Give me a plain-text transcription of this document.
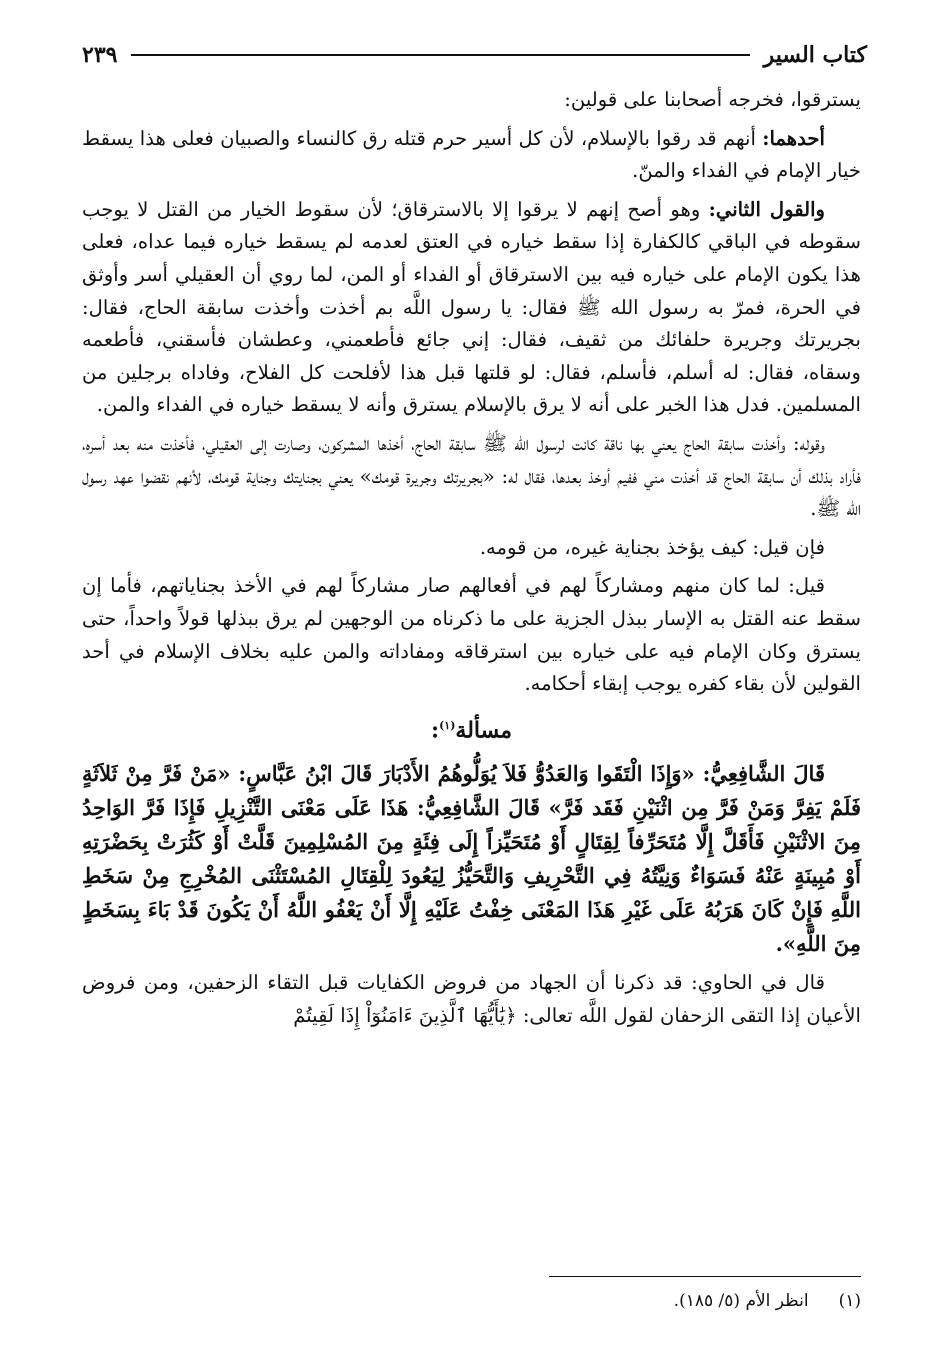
كتاب السير
٢٣٩

يسترقوا، فخرجه أصحابنا على قولين:

أحدهما: أنهم قد رقوا بالإسلام، لأن كل أسير حرم قتله رق كالنساء والصبيان فعلى هذا يسقط خيار الإمام في الفداء والمنّ.

والقول الثاني: وهو أصح إنهم لا يرقوا إلا بالاسترقاق؛ لأن سقوط الخيار من القتل لا يوجب سقوطه في الباقي كالكفارة إذا سقط خياره في العتق لعدمه لم يسقط خياره فيما عداه، فعلى هذا يكون الإمام على خياره فيه بين الاسترقاق أو الفداء أو المن، لما روي أن العقيلي أسر وأوثق في الحرة، فمرّ به رسول الله ﷺ فقال: يا رسول اللَّه بم أخذت وأخذت سابقة الحاج، فقال: بجريرتك وجريرة حلفائك من ثقيف، فقال: إني جائع فأطعمني، وعطشان فأسقني، فأطعمه وسقاه، فقال: له أسلم، فأسلم، فقال: لو قلتها قبل هذا لأفلحت كل الفلاح، وفاداه برجلين من المسلمين. فدل هذا الخبر على أنه لا يرق بالإسلام يسترق وأنه لا يسقط خياره في الفداء والمن.

وقوله: وأخذت سابقة الحاج يعني بها ناقة كانت لرسول الله ﷺ سابقة الحاج، أخذها المشركون، وصارت إلى العقيلي، فأخذت منه بعد أسره، فأراد بذلك أن سابقة الحاج قد أخذت مني ففيم أوخذ بعدها، فقال له: «بجريرتك وجريرة قومك» يعني بجنايتك وجناية قومك، لأنهم نقضوا عهد رسول الله ﷺ.

فإن قيل: كيف يؤخذ بجناية غيره، من قومه.

قيل: لما كان منهم ومشاركاً لهم في أفعالهم صار مشاركاً لهم في الأخذ بجناياتهم، فأما إن سقط عنه القتل به الإسار ببذل الجزية على ما ذكرناه من الوجهين لم يرق ببذلها قولاً واحداً، حتى يسترق وكان الإمام فيه على خياره بين استرقاقه ومفاداته والمن عليه بخلاف الإسلام في أحد القولين لأن بقاء كفره يوجب إبقاء أحكامه.

مسألة$^{(١)}$:

قَالَ الشَّافِعِيُّ: «وَإِذَا الْتَقَوا وَالعَدُوُّ فَلاَ يُوَلُّوهُمُ الأَدْبَارَ قَالَ ابْنُ عَبَّاسٍ: «مَنْ فَرَّ مِنْ ثَلاَثَةٍ فَلَمْ يَفِرَّ وَمَنْ فَرَّ مِن اثْنَيْنِ فَقَد فَرَّ» قَالَ الشَّافِعِيُّ: هَذَا عَلَى مَعْنَى التَّنْزِيلِ فَإِذَا فَرَّ الوَاحِدُ مِنَ الاثْنَيْنِ فَأَقَلَّ إِلَّا مُتَحَرِّفاً لِقِتَالٍ أَوْ مُتَحَيِّزاً إِلَى فِئَةٍ مِنَ المُسْلِمِينَ قَلَّتْ أَوْ كَثُرَتْ بِحَضْرَتِهِ أَوْ مُبِينَةٍ عَنْهُ فَسَوَاءٌ وَنِيَّتُهُ فِي التَّحْرِيفِ وَالتَّحَيُّزُ لِيَعُودَ لِلْقِتَالِ المُسْتَثْنَى المُخْرِجِ مِنْ سَخَطِ اللَّهِ فَإِنْ كَانَ هَرَبُهُ عَلَى غَيْرِ هَذَا المَعْنَى خِفْتُ عَلَيْهِ إِلَّا أَنْ يَعْفُو اللَّهُ أَنْ يَكُونَ قَدْ بَاءَ بِسَخَطٍ مِنَ اللَّهِ».

قال في الحاوي: قد ذكرنا أن الجهاد من فروض الكفايات قبل التقاء الزحفين، ومن فروض الأعيان إذا التقى الزحفان لقول اللَّه تعالى: ﴿يَٰأَيُّهَا ٱلَّذِينَ ءَامَنُوٓاْ إِذَا لَقِيتُمْ

(١)انظر الأم (٥/ ١٨٥).
